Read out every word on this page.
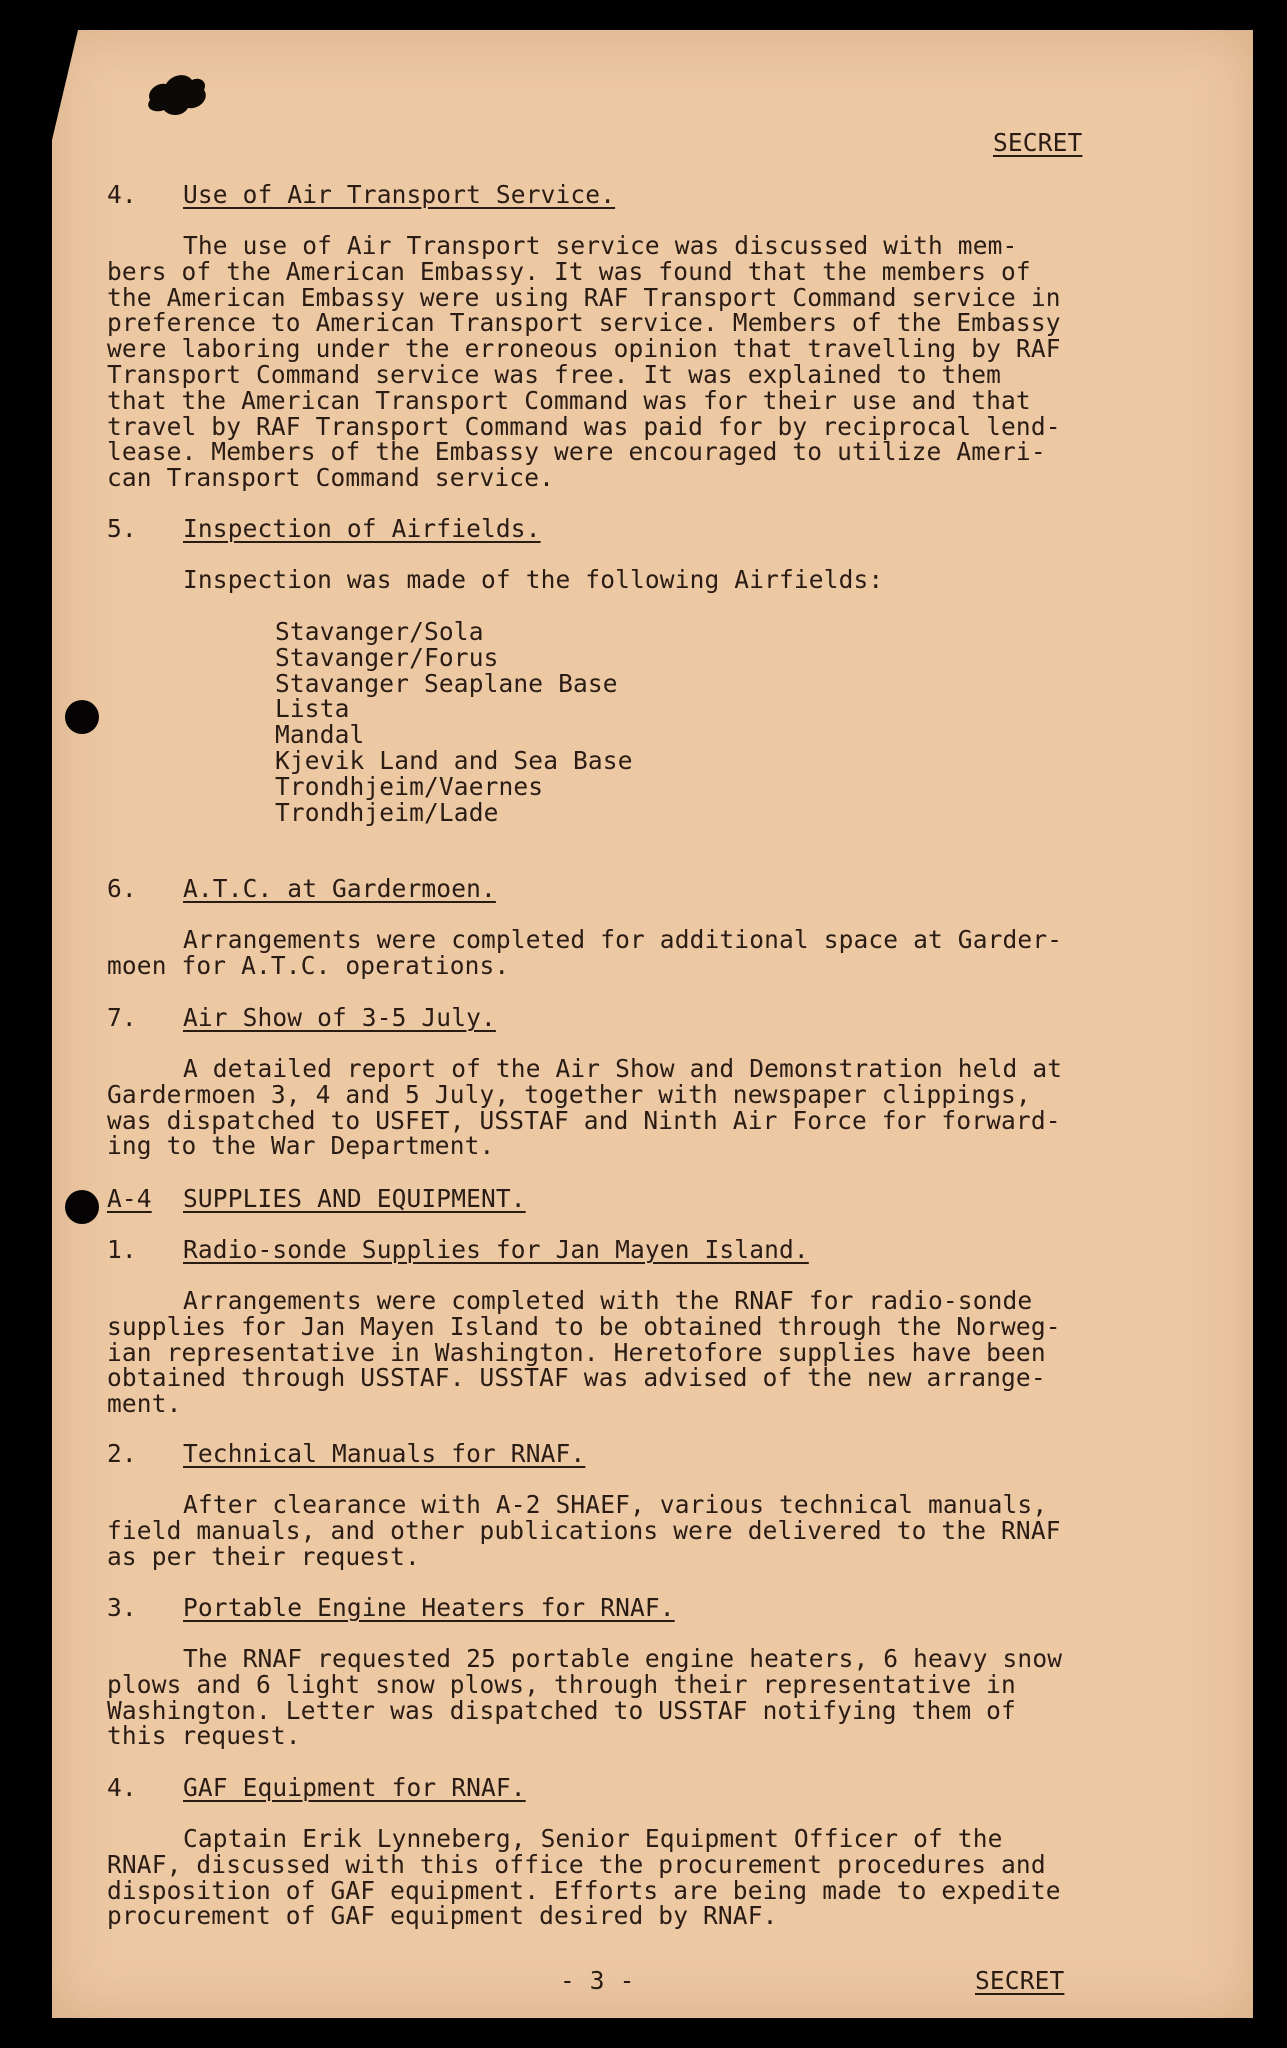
SECRET
4. Use of Air Transport Service.
The use of Air Transport service was discussed with mem-
bers of the American Embassy. It was found that the members of
the American Embassy were using RAF Transport Command service in
preference to American Transport service. Members of the Embassy
were laboring under the erroneous opinion that travelling by RAF
Transport Command service was free. It was explained to them
that the American Transport Command was for their use and that
travel by RAF Transport Command was paid for by reciprocal lend-
lease. Members of the Embassy were encouraged to utilize Ameri-
can Transport Command service.
5. Inspection of Airfields.
Inspection was made of the following Airfields:
Stavanger/Sola
Stavanger/Forus
Stavanger Seaplane Base
Lista
Mandal
Kjevik Land and Sea Base
Trondhjeim/Vaernes
Trondhjeim/Lade
6. A.T.C. at Gardermoen.
Arrangements were completed for additional space at Garder-
moen for A.T.C. operations.
7. Air Show of 3-5 July.
A detailed report of the Air Show and Demonstration held at
Gardermoen 3, 4 and 5 July, together with newspaper clippings,
was dispatched to USFET, USSTAF and Ninth Air Force for forward-
ing to the War Department.
A-4 SUPPLIES AND EQUIPMENT.
1. Radio-sonde Supplies for Jan Mayen Island.
Arrangements were completed with the RNAF for radio-sonde
supplies for Jan Mayen Island to be obtained through the Norweg-
ian representative in Washington. Heretofore supplies have been
obtained through USSTAF. USSTAF was advised of the new arrange-
ment.
2. Technical Manuals for RNAF.
After clearance with A-2 SHAEF, various technical manuals,
field manuals, and other publications were delivered to the RNAF
as per their request.
3. Portable Engine Heaters for RNAF.
The RNAF requested 25 portable engine heaters, 6 heavy snow
plows and 6 light snow plows, through their representative in
Washington. Letter was dispatched to USSTAF notifying them of
this request.
4. GAF Equipment for RNAF.
Captain Erik Lynneberg, Senior Equipment Officer of the
RNAF, discussed with this office the procurement procedures and
disposition of GAF equipment. Efforts are being made to expedite
procurement of GAF equipment desired by RNAF.
- 3 -	SECRET
